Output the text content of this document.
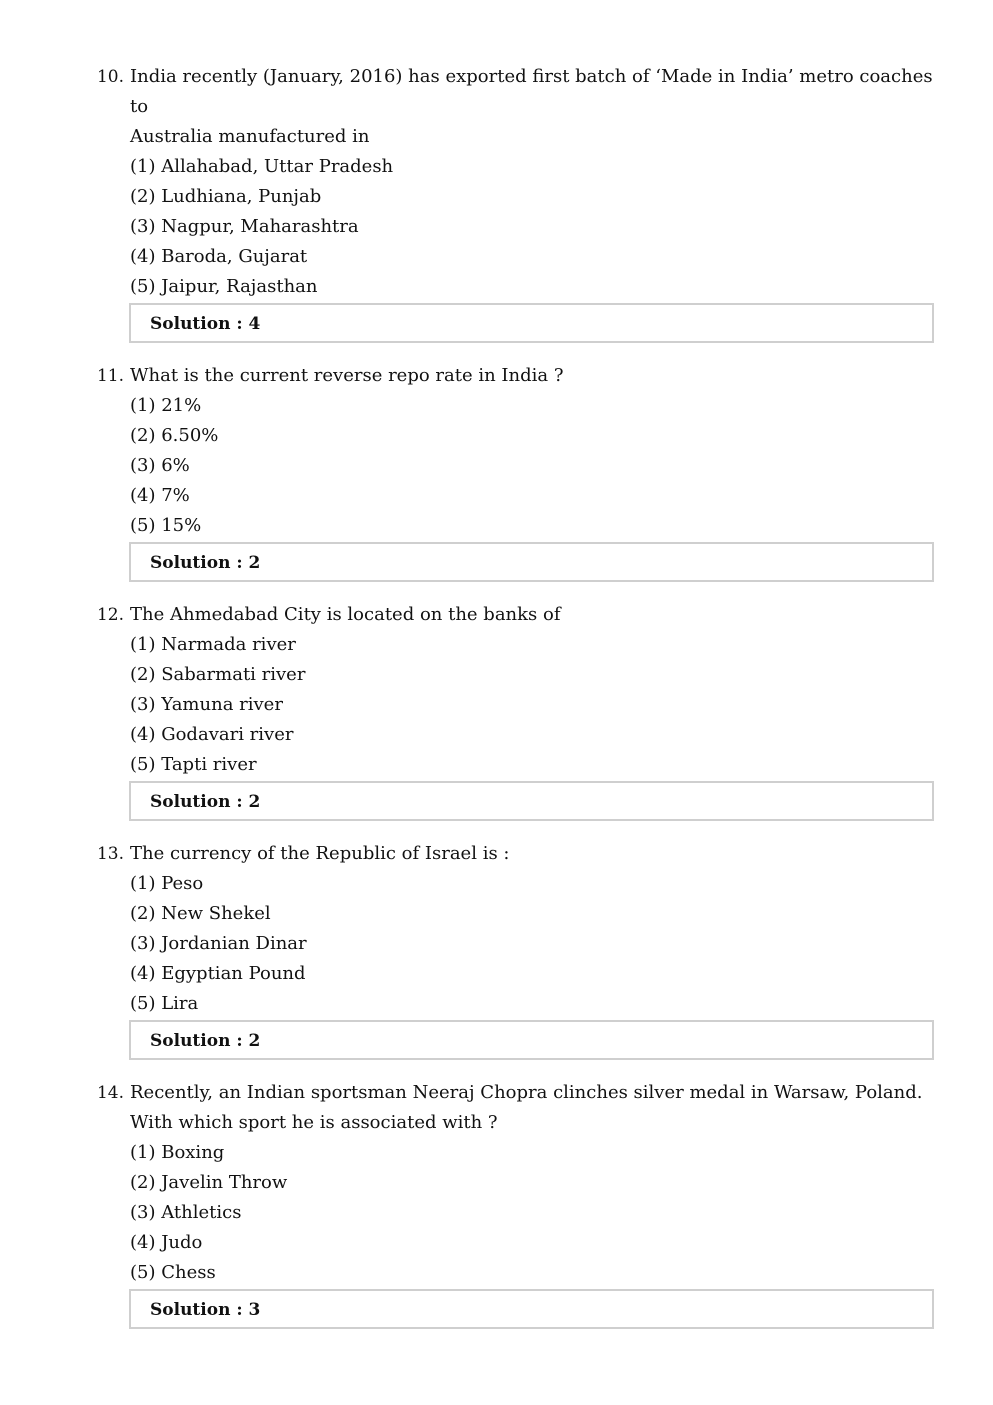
10. India recently (January, 2016) has exported first batch of ‘Made in India’ metro coaches
to
Australia manufactured in
(1) Allahabad, Uttar Pradesh
(2) Ludhiana, Punjab
(3) Nagpur, Maharashtra
(4) Baroda, Gujarat
(5) Jaipur, Rajasthan
Solution : 4
11. What is the current reverse repo rate in India ?
(1) 21%
(2) 6.50%
(3) 6%
(4) 7%
(5) 15%
Solution : 2
12. The Ahmedabad City is located on the banks of
(1) Narmada river
(2) Sabarmati river
(3) Yamuna river
(4) Godavari river
(5) Tapti river
Solution : 2
13. The currency of the Republic of Israel is :
(1) Peso
(2) New Shekel
(3) Jordanian Dinar
(4) Egyptian Pound
(5) Lira
Solution : 2
14. Recently, an Indian sportsman Neeraj Chopra clinches silver medal in Warsaw, Poland.
With which sport he is associated with ?
(1) Boxing
(2) Javelin Throw
(3) Athletics
(4) Judo
(5) Chess
Solution : 3
